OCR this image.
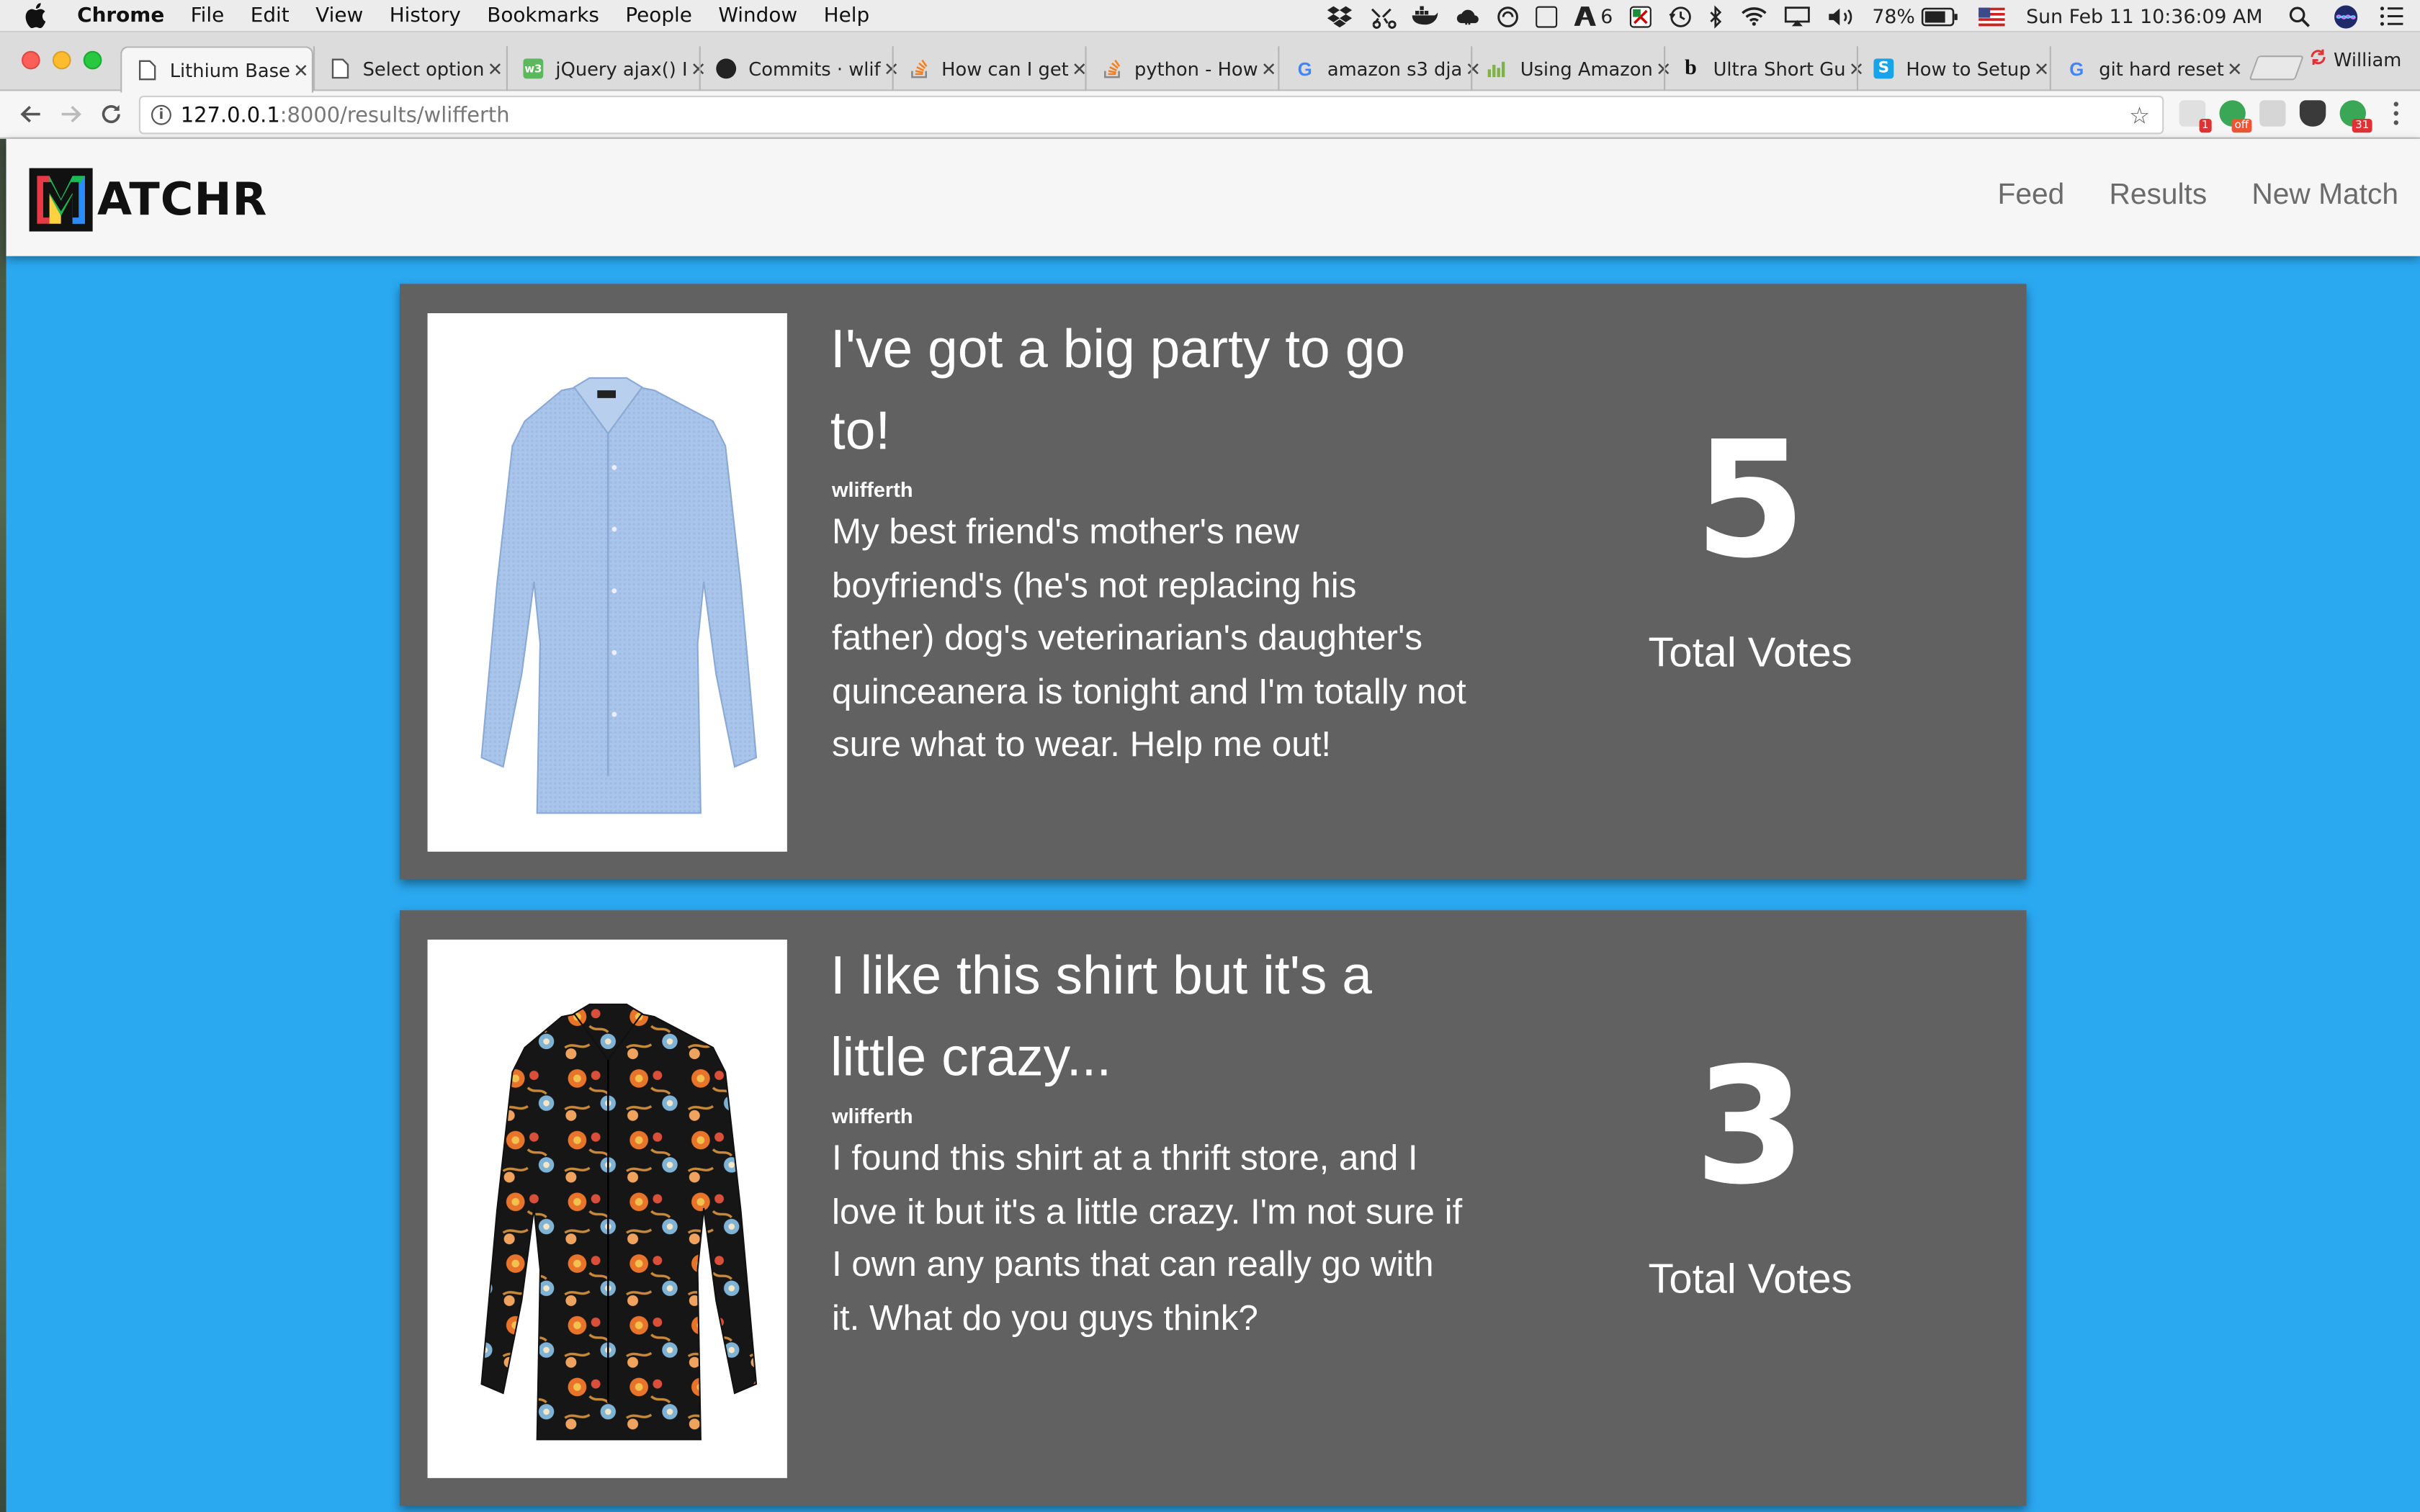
Chrome	File	Edit	View	History	Bookmarks	People	Window	Help	6	78%	Sun Feb 11 10:36:09 AM
Lithium Base ✕	Select option ✕	w3 jQuery ajax() I ✕	Commits · wlif ✕	How can I get ✕	python - How ✕	G	amazon s3 dja ✕	Using Amazon ✕	b	Ultra Short Gu ✕	S	How to Setup ✕	G	git hard reset ✕	William
i	127.0.0.1 :8000/results/wlifferth	☆	1	off	31
ATCHR	Feed	Results	New Match
I've got a big party to go to!
wlifferth
My best friend's mother's new boyfriend's (he's not replacing his father) dog's veterinarian's daughter's quinceanera is tonight and I'm totally not sure what to wear. Help me out!
5
Total Votes
I like this shirt but it's a little crazy...
wlifferth
I found this shirt at a thrift store, and I love it but it's a little crazy. I'm not sure if I own any pants that can really go with it. What do you guys think?
3
Total Votes
